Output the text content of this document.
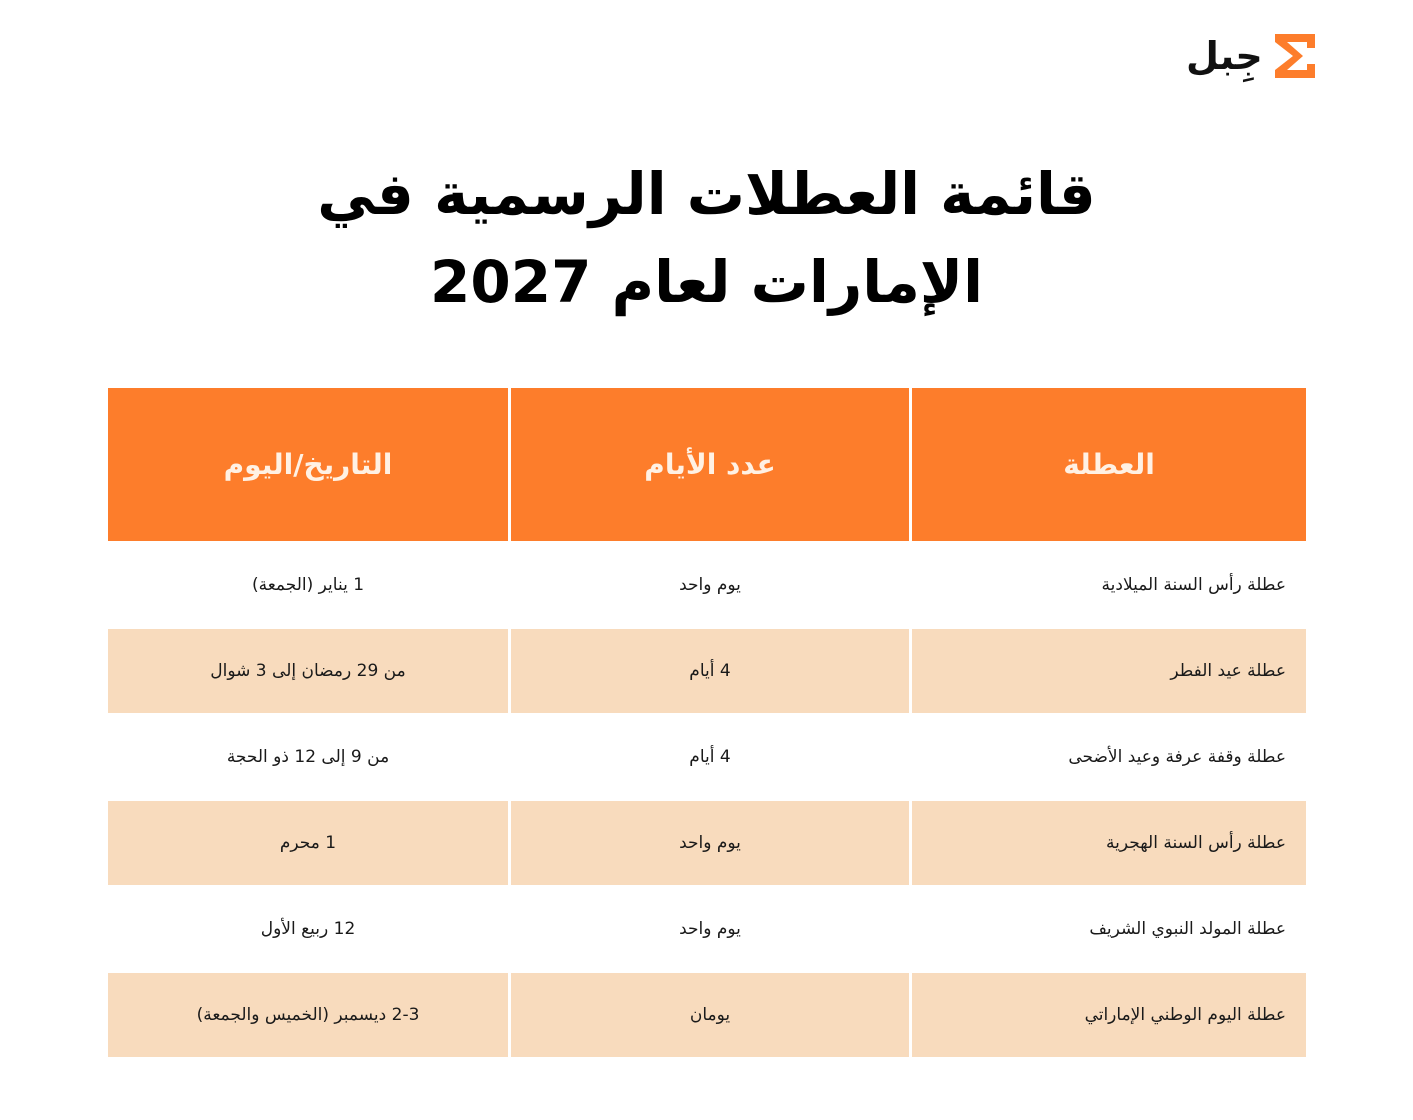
جِبل
قائمة العطلات الرسمية في
الإمارات لعام 2027
العطلة
عدد الأيام
التاريخ/اليوم
عطلة رأس السنة الميلادية
يوم واحد
1 يناير (الجمعة)
عطلة عيد الفطر
4 أيام
من 29 رمضان إلى 3 شوال
عطلة وقفة عرفة وعيد الأضحى
4 أيام
من 9 إلى 12 ذو الحجة
عطلة رأس السنة الهجرية
يوم واحد
1 محرم
عطلة المولد النبوي الشريف
يوم واحد
12 ربيع الأول
عطلة اليوم الوطني الإماراتي
يومان
2-3 ديسمبر (الخميس والجمعة)
